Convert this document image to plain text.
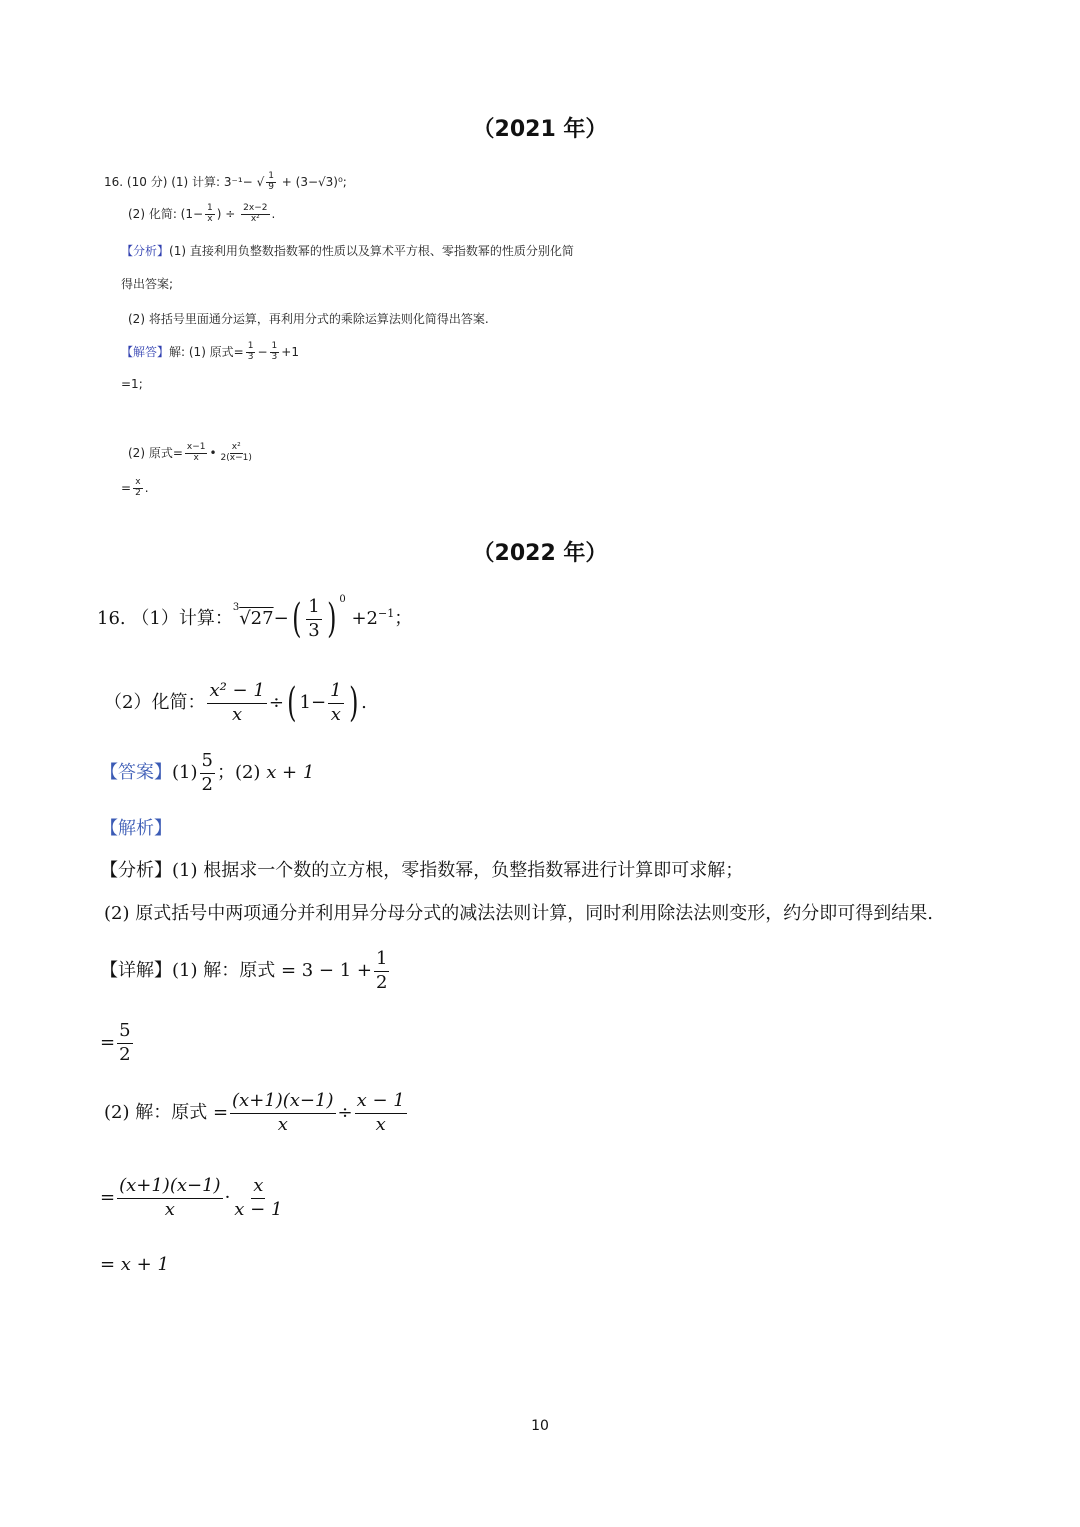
（2021 年）
（2022 年）
16. (10 分) (1) 计算: 3⁻¹− √ $\frac{1}{9} + (3-√3)^0$;
(2) 化简: ($1- \frac{1}{x}$ ) ÷ $\frac{2x-2}{\text{x²}}$ .
【分析】(1) 直接利用负整数指数幂的性质以及算术平方根、零指数幂的性质分别化简
得出答案;
(2) 将括号里面通分运算，再利用分式的乘除运算法则化简得出答案.
【解答】解: (1) 原式= $\frac{1}{3} - \frac{1}{3} +1$
=1;
(2) 原式= $\frac{x-1}{x}$ • $\frac{\text{x²}}{2(x-1)}$
= $\frac{x}{2}$ .
16. （1）计算：$^3√27-( \frac{1}{3}$ ) $^0 +2^{-1}$；
（2）化简： $\frac{\text{x² − 1}}{x}$ ÷( $1- \frac{1}{x}$ ) .
【答案】$(1) \frac{5}{2}$ ；(2) x + 1
【解析】
【分析】(1) 根据求一个数的立方根，零指数幂，负整指数幂进行计算即可求解；
(2) 原式括号中两项通分并利用异分母分式的减法法则计算，同时利用除法法则变形，约分即可得到结果.
【详解】(1) 解：原式 = $3 - 1 + \frac{1}{2}$
= $\frac{5}{2}$
(2) 解：原式 = $\frac{(x+1)(x-1)}{x} \div \frac{x - 1}{x}$
= $\frac{(x+1)(x-1)}{x} \cdot \frac{x}{x - 1}$
= x + 1
10
